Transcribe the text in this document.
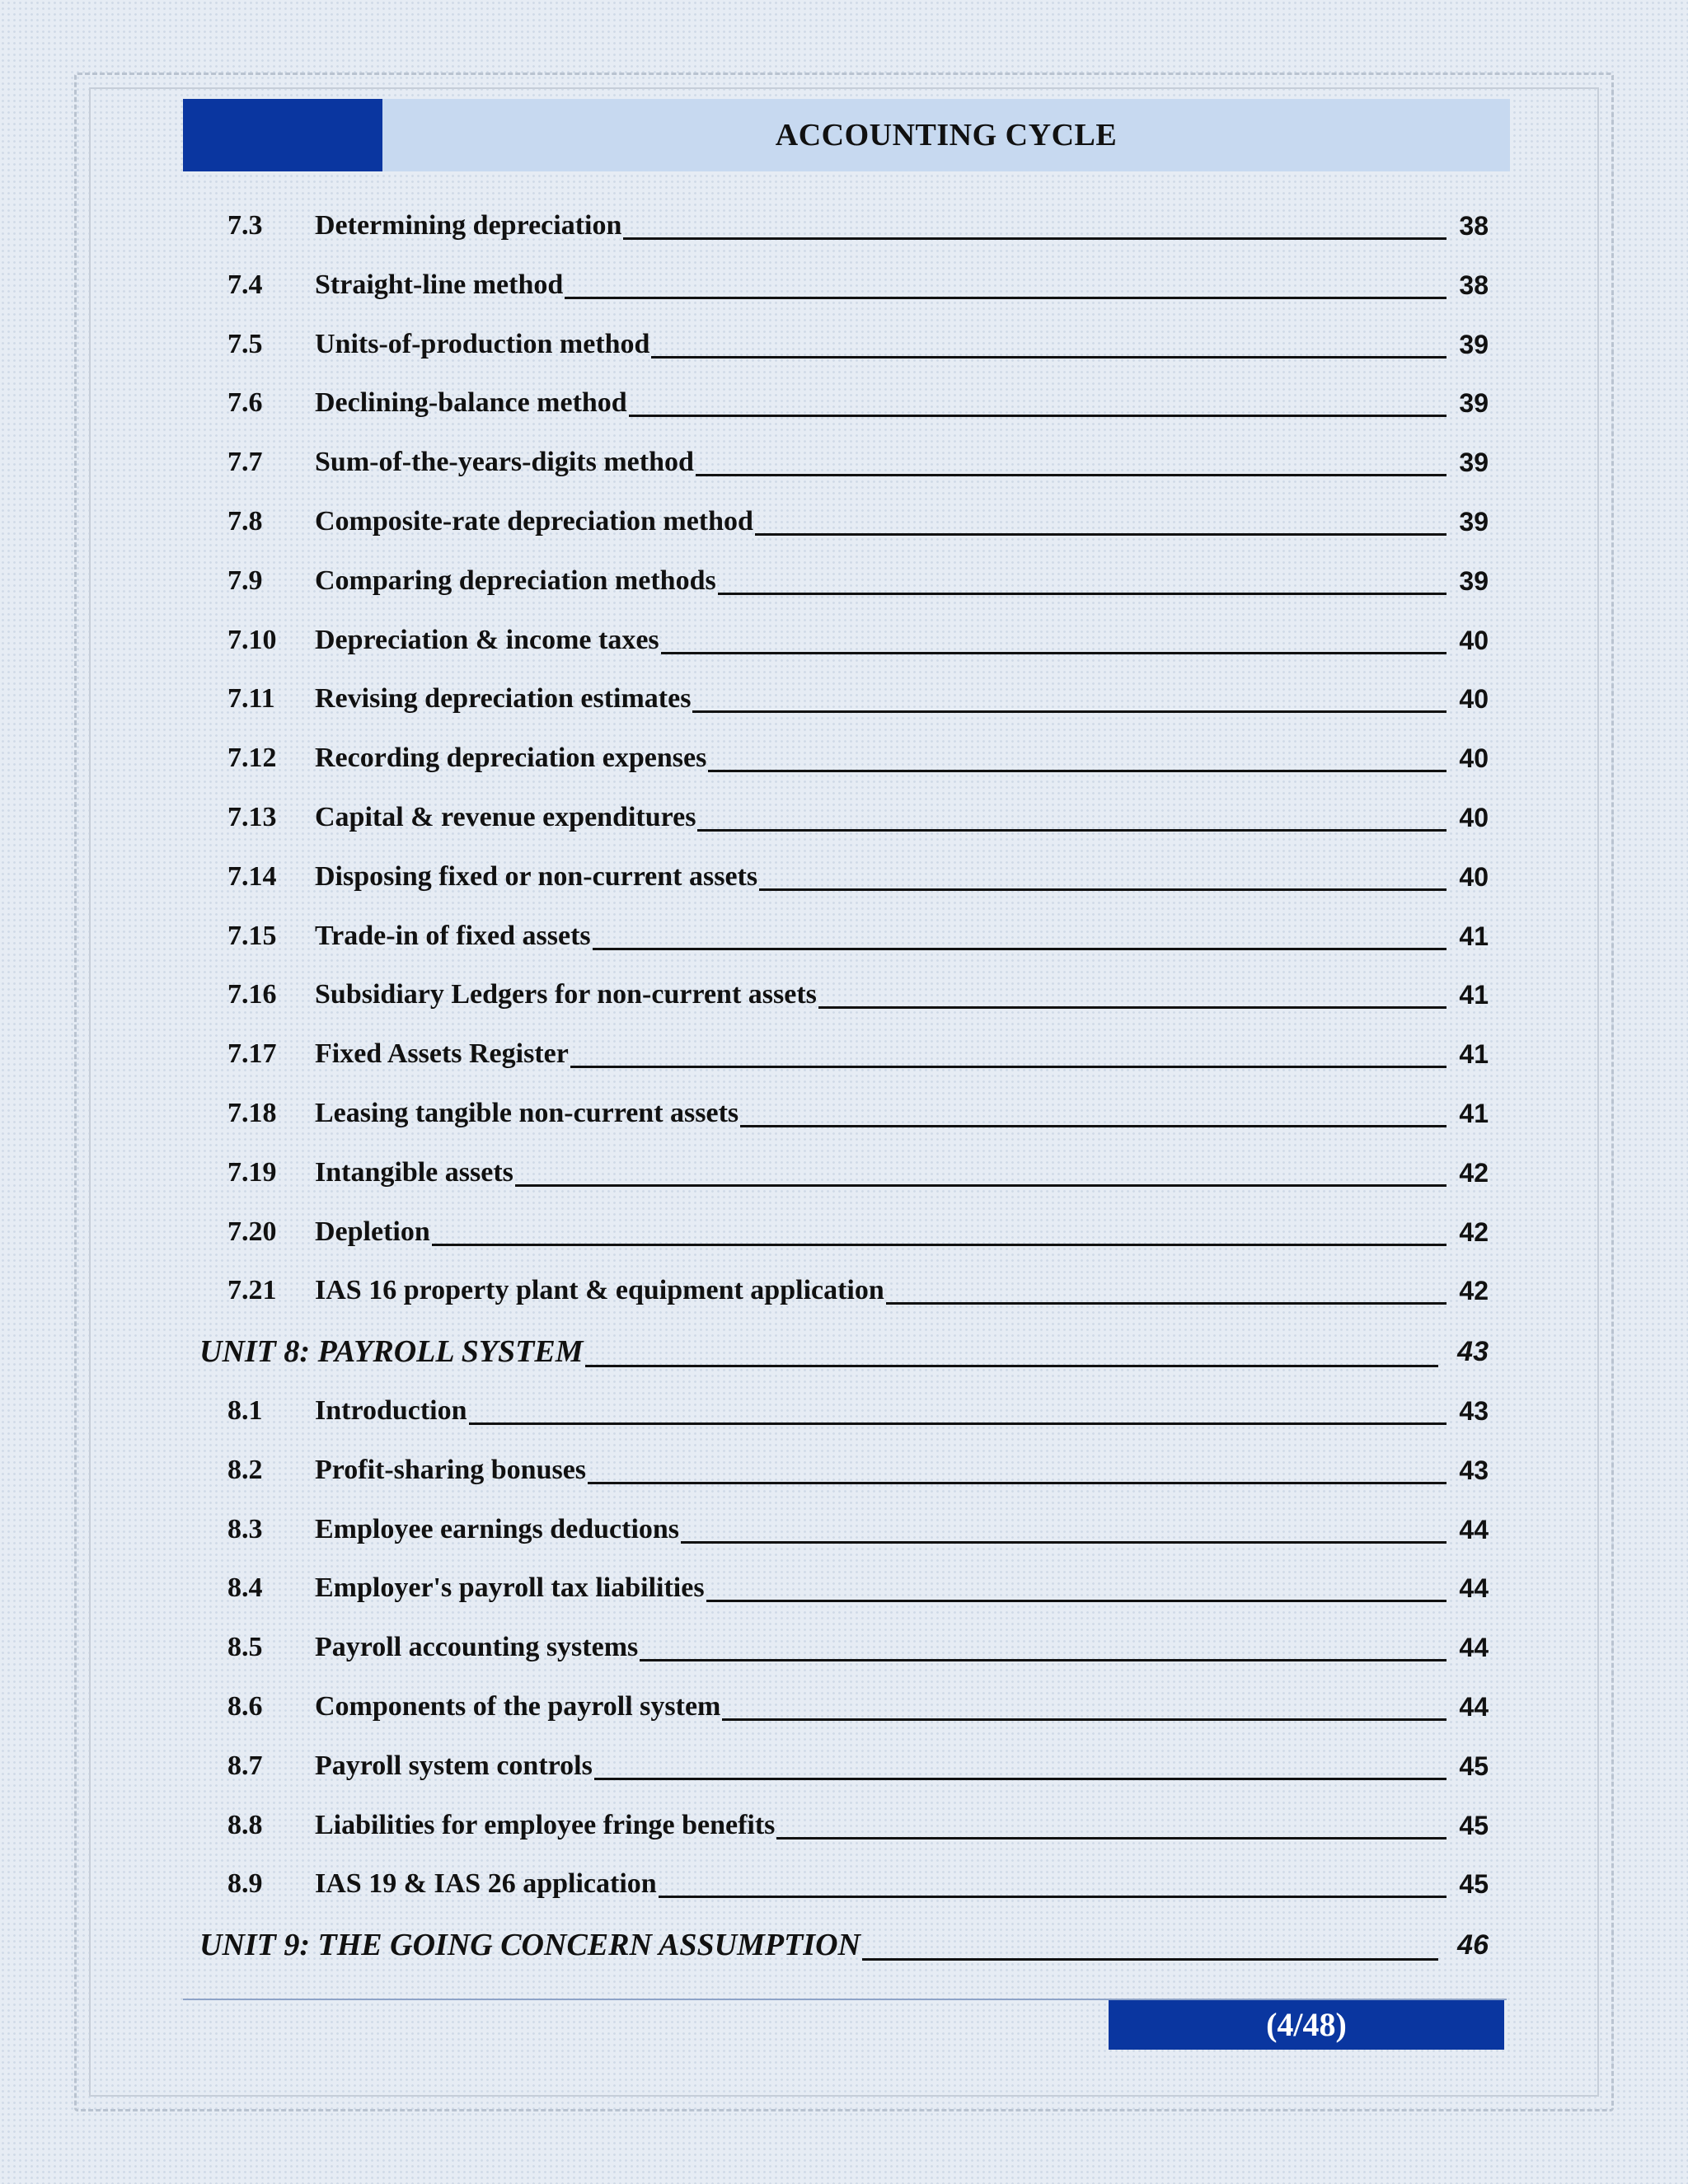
ACCOUNTING CYCLE
7.3 Determining depreciation	38
7.4 Straight-line method	38
7.5 Units-of-production method	39
7.6 Declining-balance method	39
7.7 Sum-of-the-years-digits method	39
7.8 Composite-rate depreciation method	39
7.9 Comparing depreciation methods	39
7.10 Depreciation & income taxes	40
7.11 Revising depreciation estimates	40
7.12 Recording depreciation expenses	40
7.13 Capital & revenue expenditures	40
7.14 Disposing fixed or non-current assets	40
7.15 Trade-in of fixed assets	41
7.16 Subsidiary Ledgers for non-current assets	41
7.17 Fixed Assets Register	41
7.18 Leasing tangible non-current assets	41
7.19 Intangible assets	42
7.20 Depletion	42
7.21 IAS 16 property plant & equipment application	42
UNIT 8: PAYROLL SYSTEM	43
8.1 Introduction	43
8.2 Profit-sharing bonuses	43
8.3 Employee earnings deductions	44
8.4 Employer's payroll tax liabilities	44
8.5 Payroll accounting systems	44
8.6 Components of the payroll system	44
8.7 Payroll system controls	45
8.8 Liabilities for employee fringe benefits	45
8.9 IAS 19 & IAS 26 application	45
UNIT 9: THE GOING CONCERN ASSUMPTION	46
(4/48)
